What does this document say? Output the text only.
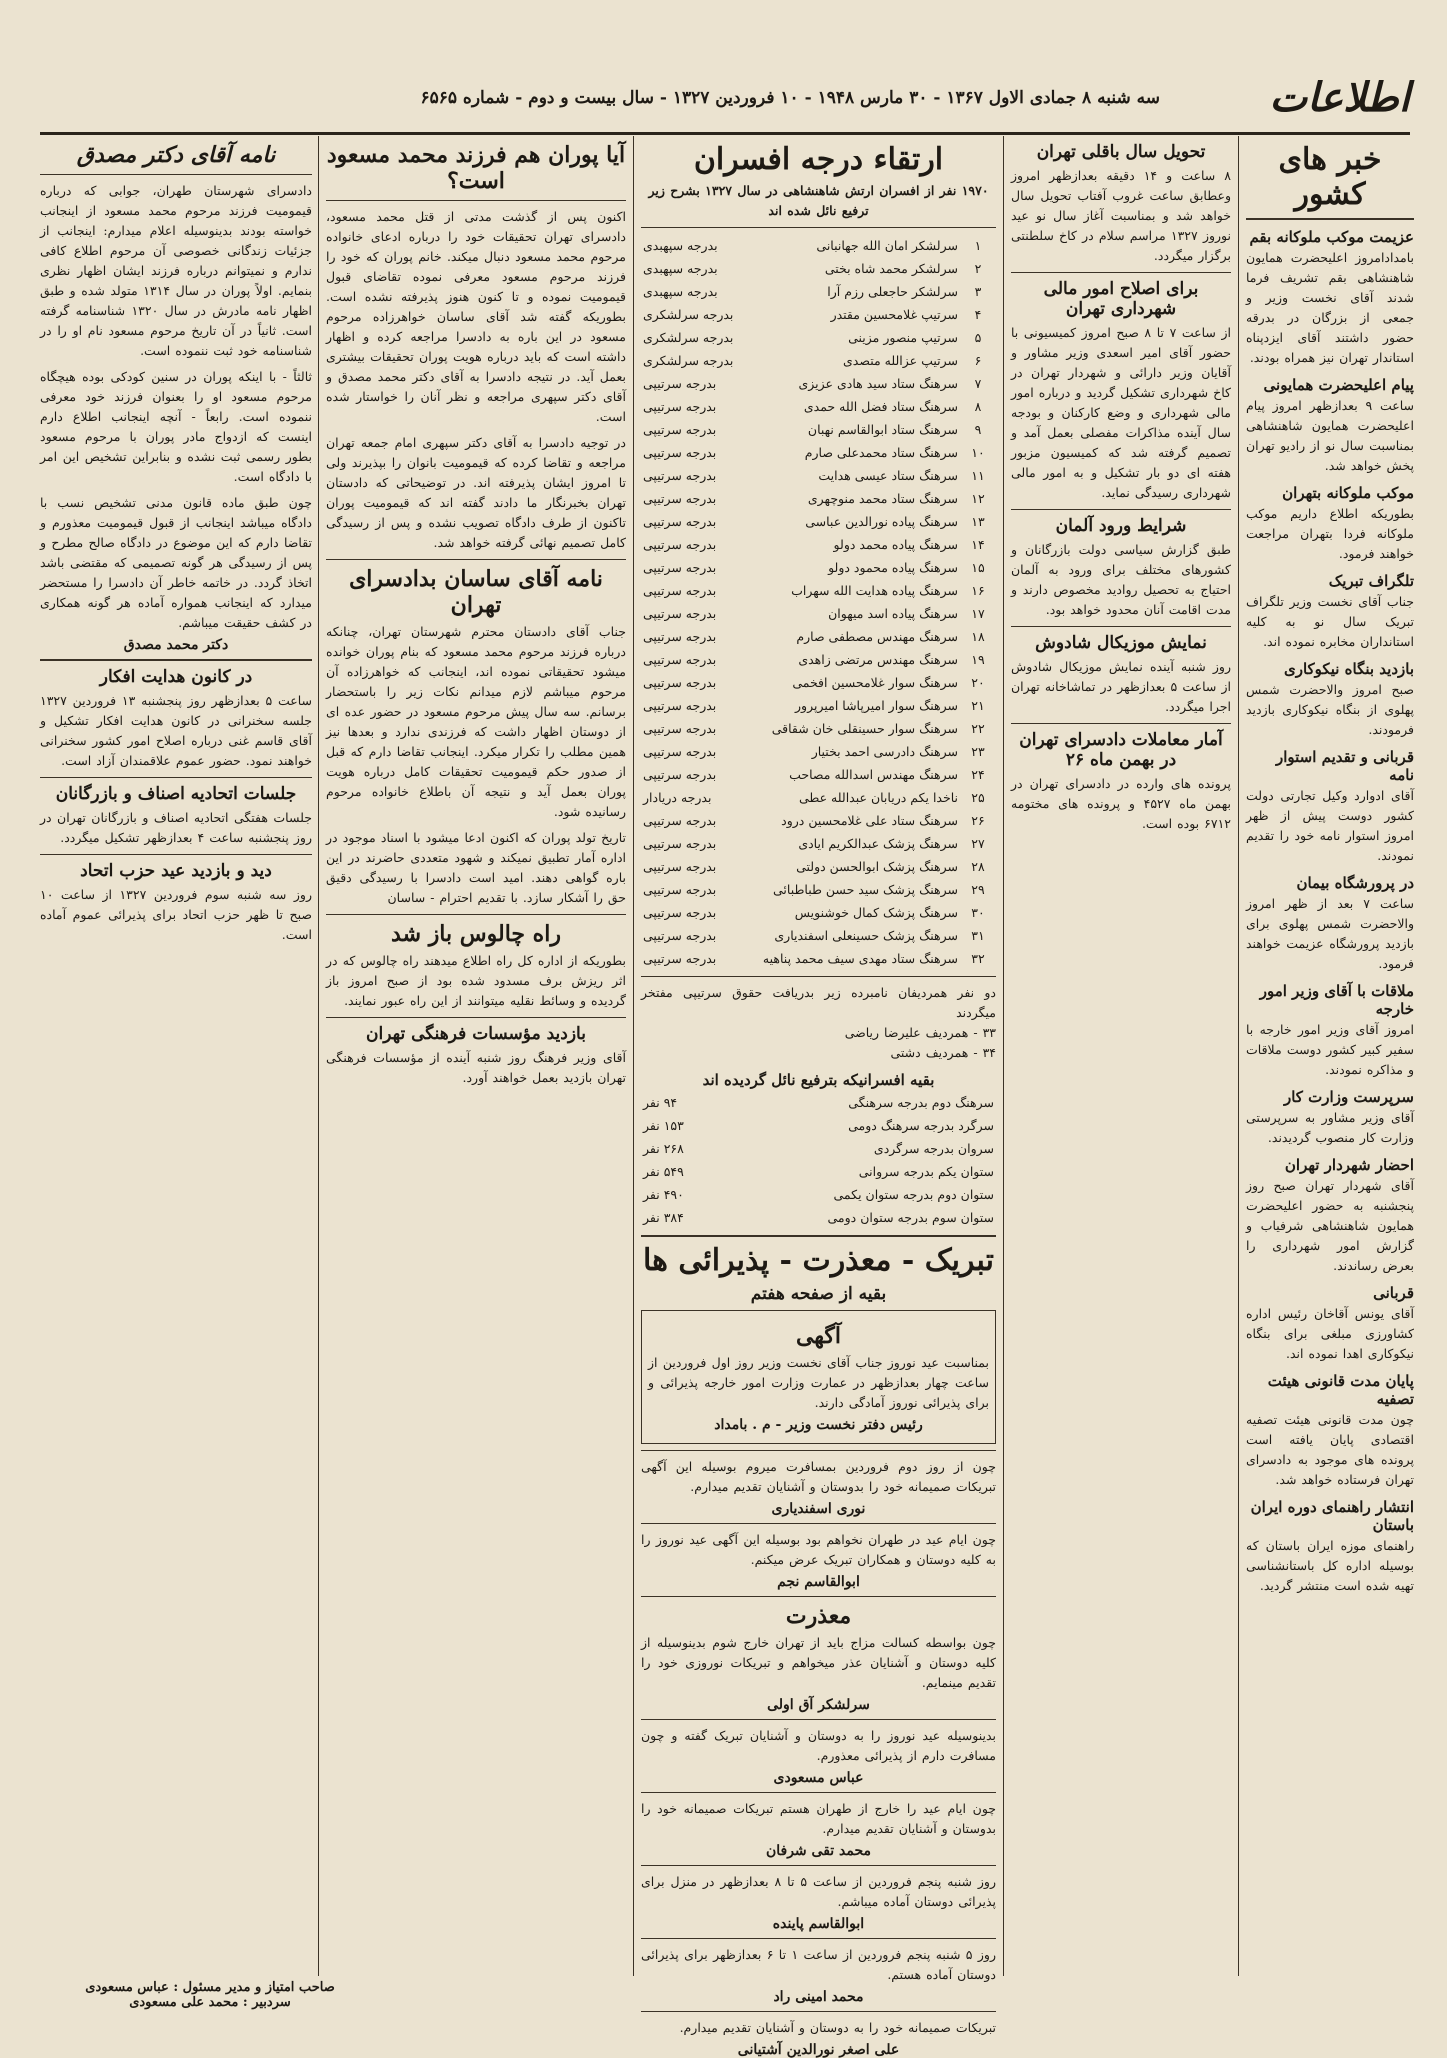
اطلاعات
سه شنبه ۸ جمادی الاول ۱۳۶۷ - ۳۰ مارس ۱۹۴۸ - ۱۰ فروردین ۱۳۲۷ - سال بیست و دوم - شماره ۶۵۶۵
خبر های کشور
عزیمت موکب ملوکانه بقم
بامدادامروز اعلیحضرت همایون شاهنشاهی بقم تشریف فرما شدند آقای نخست وزیر و جمعی از بزرگان در بدرقه حضور داشتند آقای ایزدپناه استاندار تهران نیز همراه بودند.
پیام اعلیحضرت همایونی
ساعت ۹ بعدازظهر امروز پیام اعلیحضرت همایون شاهنشاهی بمناسبت سال نو از رادیو تهران پخش خواهد شد.
موکب ملوکانه بتهران
بطوریکه اطلاع داریم موکب ملوکانه فردا بتهران مراجعت خواهند فرمود.
تلگراف تبریک
جناب آقای نخست وزیر تلگراف تبریک سال نو به کلیه استانداران مخابره نموده اند.
بازدید بنگاه نیکوکاری
صبح امروز والاحضرت شمس پهلوی از بنگاه نیکوکاری بازدید فرمودند.
قربانی و تقدیم استوار نامه
آقای ادوارد وکیل تجارتی دولت کشور دوست پیش از ظهر امروز استوار نامه خود را تقدیم نمودند.
در پرورشگاه بیمان
ساعت ۷ بعد از ظهر امروز والاحضرت شمس پهلوی برای بازدید پرورشگاه عزیمت خواهند فرمود.
ملاقات با آقای وزیر امور خارجه
امروز آقای وزیر امور خارجه با سفیر کبیر کشور دوست ملاقات و مذاکره نمودند.
سرپرست وزارت کار
آقای وزیر مشاور به سرپرستی وزارت کار منصوب گردیدند.
احضار شهردار تهران
آقای شهردار تهران صبح روز پنجشنبه به حضور اعلیحضرت همایون شاهنشاهی شرفیاب و گزارش امور شهرداری را بعرض رساندند.
قربانی
آقای یونس آقاخان رئیس اداره کشاورزی مبلغی برای بنگاه نیکوکاری اهدا نموده اند.
پایان مدت قانونی هیئت تصفیه
چون مدت قانونی هیئت تصفیه اقتصادی پایان یافته است پرونده های موجود به دادسرای تهران فرستاده خواهد شد.
انتشار راهنمای دوره ایران باستان
راهنمای موزه ایران باستان که بوسیله اداره کل باستانشناسی تهیه شده است منتشر گردید.
تحویل سال باقلی تهران
۸ ساعت و ۱۴ دقیقه بعدازظهر امروز وعطابق ساعت غروب آفتاب تحویل سال خواهد شد و بمناسبت آغاز سال نو عید نوروز ۱۳۲۷ مراسم سلام در کاخ سلطنتی برگزار میگردد.
برای اصلاح امور مالی شهرداری تهران
از ساعت ۷ تا ۸ صبح امروز کمیسیونی با حضور آقای امیر اسعدی وزیر مشاور و آقایان وزیر دارائی و شهردار تهران در کاخ شهرداری تشکیل گردید و درباره امور مالی شهرداری و وضع کارکنان و بودجه سال آینده مذاکرات مفصلی بعمل آمد و تصمیم گرفته شد که کمیسیون مزبور هفته ای دو بار تشکیل و به امور مالی شهرداری رسیدگی نماید.
شرایط ورود آلمان
طبق گزارش سیاسی دولت بازرگانان و کشورهای مختلف برای ورود به آلمان احتیاج به تحصیل روادید مخصوص دارند و مدت اقامت آنان محدود خواهد بود.
نمایش موزیکال شادوش
روز شنبه آینده نمایش موزیکال شادوش از ساعت ۵ بعدازظهر در تماشاخانه تهران اجرا میگردد.
آمار معاملات دادسرای تهران در بهمن ماه ۲۶
پرونده های وارده در دادسرای تهران در بهمن ماه ۴۵۲۷ و پرونده های مختومه ۶۷۱۲ بوده است.
ارتقاء درجه افسران
۱۹۷۰ نفر از افسران ارتش شاهنشاهی در سال ۱۳۲۷ بشرح زیر ترفیع نائل شده اند
۱	سرلشکر امان الله جهانبانی	بدرجه سپهبدی
۲	سرلشکر محمد شاه بختی	بدرجه سپهبدی
۳	سرلشکر حاجعلی رزم آرا	بدرجه سپهبدی
۴	سرتیپ غلامحسین مقتدر	بدرجه سرلشکری
۵	سرتیپ منصور مزینی	بدرجه سرلشکری
۶	سرتیپ عزالله متصدی	بدرجه سرلشکری
۷	سرهنگ ستاد سید هادی عزیزی	بدرجه سرتیپی
۸	سرهنگ ستاد فضل الله حمدی	بدرجه سرتیپی
۹	سرهنگ ستاد ابوالقاسم نهبان	بدرجه سرتیپی
۱۰	سرهنگ ستاد محمدعلی صارم	بدرجه سرتیپی
۱۱	سرهنگ ستاد عیسی هدایت	بدرجه سرتیپی
۱۲	سرهنگ ستاد محمد منوچهری	بدرجه سرتیپی
۱۳	سرهنگ پیاده نورالدین عباسی	بدرجه سرتیپی
۱۴	سرهنگ پیاده محمد دولو	بدرجه سرتیپی
۱۵	سرهنگ پیاده محمود دولو	بدرجه سرتیپی
۱۶	سرهنگ پیاده هدایت الله سهراب	بدرجه سرتیپی
۱۷	سرهنگ پیاده اسد میهوان	بدرجه سرتیپی
۱۸	سرهنگ مهندس مصطفی صارم	بدرجه سرتیپی
۱۹	سرهنگ مهندس مرتضی زاهدی	بدرجه سرتیپی
۲۰	سرهنگ سوار غلامحسین افخمی	بدرجه سرتیپی
۲۱	سرهنگ سوار امیرپاشا امیرپرور	بدرجه سرتیپی
۲۲	سرهنگ سوار حسینقلی خان شقاقی	بدرجه سرتیپی
۲۳	سرهنگ دادرسی احمد بختیار	بدرجه سرتیپی
۲۴	سرهنگ مهندس اسدالله مصاحب	بدرجه سرتیپی
۲۵	ناخدا یکم دریابان عبدالله عطی	بدرجه دریادار
۲۶	سرهنگ ستاد علی غلامحسین درود	بدرجه سرتیپی
۲۷	سرهنگ پزشک عبدالکریم ایادی	بدرجه سرتیپی
۲۸	سرهنگ پزشک ابوالحسن دولتی	بدرجه سرتیپی
۲۹	سرهنگ پزشک سید حسن طباطبائی	بدرجه سرتیپی
۳۰	سرهنگ پزشک کمال خوشنویس	بدرجه سرتیپی
۳۱	سرهنگ پزشک حسینعلی اسفندیاری	بدرجه سرتیپی
۳۲	سرهنگ ستاد مهدی سیف محمد پناهیه	بدرجه سرتیپی
دو نفر همردیفان نامبرده زیر بدریافت حقوق سرتیپی مفتخر میگردند
۳۳ - همردیف علیرضا ریاضی
۳۴ - همردیف دشتی
بقیه افسرانیکه بترفیع نائل گردیده اند
سرهنگ دوم بدرجه سرهنگی	۹۴ نفر
سرگرد بدرجه سرهنگ دومی	۱۵۳ نفر
سروان بدرجه سرگردی	۲۶۸ نفر
ستوان یکم بدرجه سروانی	۵۴۹ نفر
ستوان دوم بدرجه ستوان یکمی	۴۹۰ نفر
ستوان سوم بدرجه ستوان دومی	۳۸۴ نفر
تبریک - معذرت - پذیرائی ها
بقیه از صفحه هفتم
آگهی
بمناسبت عید نوروز جناب آقای نخست وزیر روز اول فروردین از ساعت چهار بعدازظهر در عمارت وزارت امور خارجه پذیرائی و برای پذیرائی نوروز آمادگی دارند.
رئیس دفتر نخست وزیر - م . بامداد
چون از روز دوم فروردین بمسافرت میروم بوسیله این آگهی تبریکات صمیمانه خود را بدوستان و آشنایان تقدیم میدارم.
نوری اسفندیاری
چون ایام عید در طهران نخواهم بود بوسیله این آگهی عید نوروز را به کلیه دوستان و همکاران تبریک عرض میکنم.
ابوالقاسم نجم
معذرت
چون بواسطه کسالت مزاج باید از تهران خارج شوم بدینوسیله از کلیه دوستان و آشنایان عذر میخواهم و تبریکات نوروزی خود را تقدیم مینمایم.
سرلشکر آق اولی
بدینوسیله عید نوروز را به دوستان و آشنایان تبریک گفته و چون مسافرت دارم از پذیرائی معذورم.
عباس مسعودی
چون ایام عید را خارج از طهران هستم تبریکات صمیمانه خود را بدوستان و آشنایان تقدیم میدارم.
محمد تقی شرفان
روز شنبه پنجم فروردین از ساعت ۵ تا ۸ بعدازظهر در منزل برای پذیرائی دوستان آماده میباشم.
ابوالقاسم پاینده
روز ۵ شنبه پنجم فروردین از ساعت ۱ تا ۶ بعدازظهر برای پذیرائی دوستان آماده هستم.
محمد امینی راد
تبریکات صمیمانه خود را به دوستان و آشنایان تقدیم میدارم.
علی اصغر نورالدین آشتیانی
آیا پوران هم فرزند محمد مسعود است؟
اکنون پس از گذشت مدتی از قتل محمد مسعود، دادسرای تهران تحقیقات خود را درباره ادعای خانواده مرحوم محمد مسعود دنبال میکند. خانم پوران که خود را فرزند مرحوم مسعود معرفی نموده تقاضای قبول قیمومیت نموده و تا کنون هنوز پذیرفته نشده است. بطوریکه گفته شد آقای ساسان خواهرزاده مرحوم مسعود در این باره به دادسرا مراجعه کرده و اظهار داشته است که باید درباره هویت پوران تحقیقات بیشتری بعمل آید. در نتیجه دادسرا به آقای دکتر محمد مصدق و آقای دکتر سپهری مراجعه و نظر آنان را خواستار شده است.
در توجیه دادسرا به آقای دکتر سپهری امام جمعه تهران مراجعه و تقاضا کرده که قیمومیت بانوان را بپذیرند ولی تا امروز ایشان پذیرفته اند. در توضیحاتی که دادستان تهران بخبرنگار ما دادند گفته اند که قیمومیت پوران تاکنون از طرف دادگاه تصویب نشده و پس از رسیدگی کامل تصمیم نهائی گرفته خواهد شد.
نامه آقای ساسان بدادسرای تهران
جناب آقای دادستان محترم شهرستان تهران، چنانکه درباره فرزند مرحوم محمد مسعود که بنام پوران خوانده میشود تحقیقاتی نموده اند، اینجانب که خواهرزاده آن مرحوم میباشم لازم میدانم نکات زیر را باستحضار برسانم. سه سال پیش مرحوم مسعود در حضور عده ای از دوستان اظهار داشت که فرزندی ندارد و بعدها نیز همین مطلب را تکرار میکرد. اینجانب تقاضا دارم که قبل از صدور حکم قیمومیت تحقیقات کامل درباره هویت پوران بعمل آید و نتیجه آن باطلاع خانواده مرحوم رسانیده شود.
تاریخ تولد پوران که اکنون ادعا میشود با اسناد موجود در اداره آمار تطبیق نمیکند و شهود متعددی حاضرند در این باره گواهی دهند. امید است دادسرا با رسیدگی دقیق حق را آشکار سازد. با تقدیم احترام - ساسان
راه چالوس باز شد
بطوریکه از اداره کل راه اطلاع میدهند راه چالوس که در اثر ریزش برف مسدود شده بود از صبح امروز باز گردیده و وسائط نقلیه میتوانند از این راه عبور نمایند.
بازدید مؤسسات فرهنگی تهران
آقای وزیر فرهنگ روز شنبه آینده از مؤسسات فرهنگی تهران بازدید بعمل خواهند آورد.
نامه آقای دکتر مصدق
دادسرای شهرستان طهران، جوابی که درباره قیمومیت فرزند مرحوم محمد مسعود از اینجانب خواسته بودند بدینوسیله اعلام میدارم: اینجانب از جزئیات زندگانی خصوصی آن مرحوم اطلاع کافی ندارم و نمیتوانم درباره فرزند ایشان اظهار نظری بنمایم. اولاً پوران در سال ۱۳۱۴ متولد شده و طبق اظهار نامه مادرش در سال ۱۳۲۰ شناسنامه گرفته است. ثانیاً در آن تاریخ مرحوم مسعود نام او را در شناسنامه خود ثبت ننموده است.
ثالثاً - با اینکه پوران در سنین کودکی بوده هیچگاه مرحوم مسعود او را بعنوان فرزند خود معرفی ننموده است. رابعاً - آنچه اینجانب اطلاع دارم اینست که ازدواج مادر پوران با مرحوم مسعود بطور رسمی ثبت نشده و بنابراین تشخیص این امر با دادگاه است.
چون طبق ماده قانون مدنی تشخیص نسب با دادگاه میباشد اینجانب از قبول قیمومیت معذورم و تقاضا دارم که این موضوع در دادگاه صالح مطرح و پس از رسیدگی هر گونه تصمیمی که مقتضی باشد اتخاذ گردد. در خاتمه خاطر آن دادسرا را مستحضر میدارد که اینجانب همواره آماده هر گونه همکاری در کشف حقیقت میباشم.
دکتر محمد مصدق
در کانون هدایت افکار
ساعت ۵ بعدازظهر روز پنجشنبه ۱۳ فروردین ۱۳۲۷ جلسه سخنرانی در کانون هدایت افکار تشکیل و آقای قاسم غنی درباره اصلاح امور کشور سخنرانی خواهند نمود. حضور عموم علاقمندان آزاد است.
جلسات اتحادیه اصناف و بازرگانان
جلسات هفتگی اتحادیه اصناف و بازرگانان تهران در روز پنجشنبه ساعت ۴ بعدازظهر تشکیل میگردد.
دید و بازدید عید حزب اتحاد
روز سه شنبه سوم فروردین ۱۳۲۷ از ساعت ۱۰ صبح تا ظهر حزب اتحاد برای پذیرائی عموم آماده است.
صاحب امتیاز و مدیر مسئول : عباس مسعودی
سردبیر : محمد علی مسعودی
